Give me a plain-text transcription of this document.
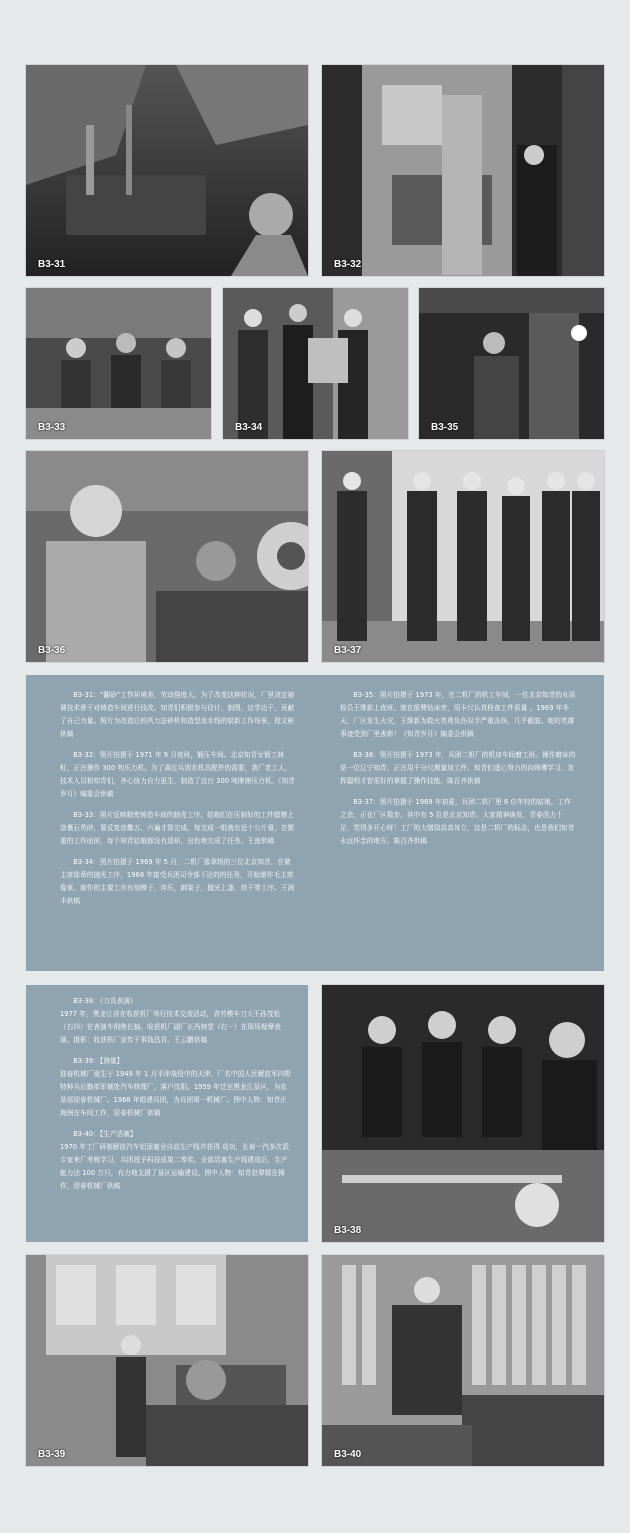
B3-31	B3-32
B3-33	B3-34	B3-35
B3-36	B3-37

B3-31：“翻砂”工作环境差，劳动强度大。为了改变这种状况，厂里决定抽调技术骨干对铸造车间进行技改。知青们积极参与设计、制图，边学边干，贡献了自己力量。照片为改造后的风力送砂机和造型流水线的崭新工作场景。程文彬供稿

B3-32：照片拍摄于 1971 年 9 月夜班，锻压车间。北京知青女锻工林虹，正在操作 300 吨压力机。为了满足兵团农机具配件的需要，我厂老工人，技术人员和知青们，齐心协力自力更生，制造了这台 300 吨摩擦压力机。《知青岁月》编委会供稿

B3-33：照片反映精密铸造车间的制壳工序。姑娘们在压制好的工件腊模上涂裹石英砂，要反复涂撒五、六遍才算完成。每完成一组就有近十公斤重，在繁重的工作面前，每个知青姑娘都没有退却，出色地完成了任务。王南供稿

B3-34：照片拍摄于 1969 年 5 月，二机厂像章组的三位北京知青，在做主席像章的抛光工序，1968 年接受兵团司令部下达的的任务，开始制作毛主席像章。制作的主要工序有刻模子，冲压，綁架子，抛光上漆，烘干等工序。王润丰供稿

B3-35：照片拍摄于 1973 年，在二机厂的机工车间，一位北京知青的女质检员王维新上夜班。她在摇臂钻床旁，用卡尺认真检查工件质量 。1969 年冬天，厂区发生火灾，王维新为救火英勇负伤双手严重冻伤，几乎截肢。她的英雄事迹受到厂里表彰！《知青岁月》编委会供稿

B3-36：照片拍摄于 1973 年，兵团二机厂的机加车间磨工班。操作磨床的是一位辽宁知青，正在用千分尺测量加工件。知青们虚心努力的向师傅学习，发挥聪明才智很好的掌握了操作技能。陈百齐供稿

B3-37：照片拍摄于 1969 年初夏，兵团二机厂里 6 位年轻的姑娘，工作之余，正在厂区散步。其中有 5 位是北京知青。大家精神焕发，青春活力十足，笑得多开心呀！工厂的大烟筒高高耸立，这是二机厂的标志，也是我们知青永远怀念的地方。陈百齐供稿

B3-38：《刀具表演》
1977 年，黑龙江省在收获机厂举行技术交流活动，省劳模车刀大王孙茂松（右四）在表演车削绝长轴。收获机厂副厂长冯树堂（右一）在现场观摩表演。摄影：收获机厂宣传干事钱昌君。王云鹏供稿

B3-39：【测量】
迎春机械厂诞生于 1949 年 1 月平津战役中的天津，厂名中国人民解放军四野特种兵后勤部军械处汽车修理厂，落户沈阳。1959 年迁至黑龙江垦区，为农垦部迎春机械厂。1968 年组建兵团，为兵团第一机械厂。图中人物：知青庄海洲在车间工作，迎春机械厂供稿

B3-40：【生产活塞】
1970 年工厂研制解放汽车铝顶塞全自动生产线并获得 成功，长春一汽多次派专家来厂考核学习，兵团授予科技成果二等奖。全部活塞生产线建成后，生产能力达 100 万只，有力地支援了垦区运输建设。图中人物：知青赵翠媛在操作，迎春机械厂供稿

B3-38
B3-39	B3-40
